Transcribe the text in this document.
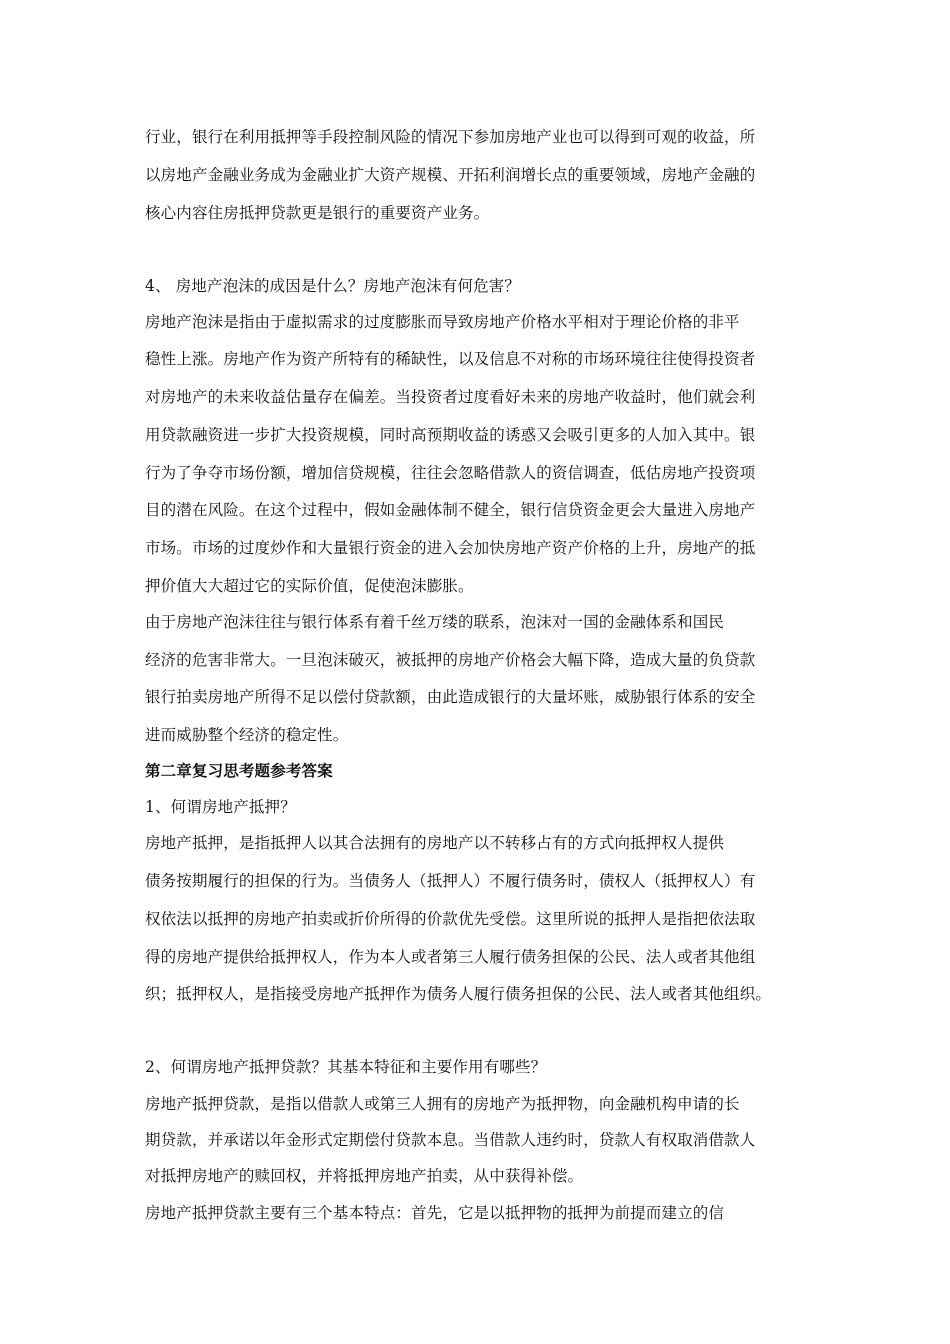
行业，银行在利用抵押等手段控制风险的情况下参加房地产业也可以得到可观的收益，所
以房地产金融业务成为金融业扩大资产规模、开拓利润增长点的重要领域，房地产金融的
核心内容住房抵押贷款更是银行的重要资产业务。
4、 房地产泡沫的成因是什么？房地产泡沫有何危害？
房地产泡沫是指由于虚拟需求的过度膨胀而导致房地产价格水平相对于理论价格的非平
稳性上涨。房地产作为资产所特有的稀缺性，以及信息不对称的市场环境往往使得投资者
对房地产的未来收益估量存在偏差。当投资者过度看好未来的房地产收益时，他们就会利
用贷款融资进一步扩大投资规模，同时高预期收益的诱惑又会吸引更多的人加入其中。银
行为了争夺市场份额，增加信贷规模，往往会忽略借款人的资信调查，低估房地产投资项
目的潜在风险。在这个过程中，假如金融体制不健全，银行信贷资金更会大量进入房地产
市场。市场的过度炒作和大量银行资金的进入会加快房地产资产价格的上升，房地产的抵
押价值大大超过它的实际价值，促使泡沫膨胀。
由于房地产泡沫往往与银行体系有着千丝万缕的联系，泡沫对一国的金融体系和国民
经济的危害非常大。一旦泡沫破灭，被抵押的房地产价格会大幅下降，造成大量的负贷款
银行拍卖房地产所得不足以偿付贷款额，由此造成银行的大量坏账，威胁银行体系的安全
进而威胁整个经济的稳定性。
第二章复习思考题参考答案
1、何谓房地产抵押？
房地产抵押，是指抵押人以其合法拥有的房地产以不转移占有的方式向抵押权人提供
债务按期履行的担保的行为。当债务人（抵押人）不履行债务时，债权人（抵押权人）有
权依法以抵押的房地产拍卖或折价所得的价款优先受偿。这里所说的抵押人是指把依法取
得的房地产提供给抵押权人，作为本人或者第三人履行债务担保的公民、法人或者其他组
织；抵押权人，是指接受房地产抵押作为债务人履行债务担保的公民、法人或者其他组织。
2、何谓房地产抵押贷款？其基本特征和主要作用有哪些？
房地产抵押贷款，是指以借款人或第三人拥有的房地产为抵押物，向金融机构申请的长
期贷款，并承诺以年金形式定期偿付贷款本息。当借款人违约时，贷款人有权取消借款人
对抵押房地产的赎回权，并将抵押房地产拍卖，从中获得补偿。
房地产抵押贷款主要有三个基本特点：首先，它是以抵押物的抵押为前提而建立的信
